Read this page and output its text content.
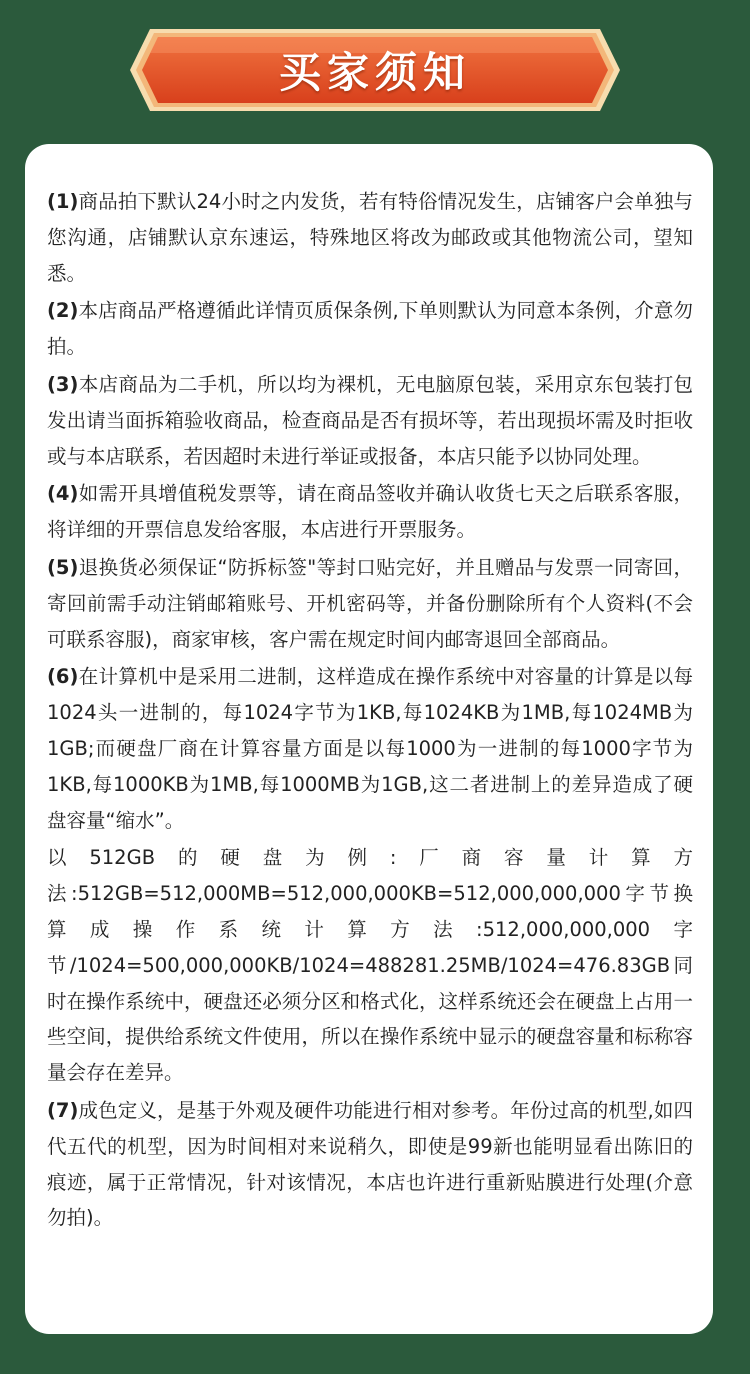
买家须知

(1)商品拍下默认24小时之内发货，若有特俗情况发生，店铺客户会单独与您沟通，店铺默认京东速运，特殊地区将改为邮政或其他物流公司，望知悉。

(2)本店商品严格遵循此详情页质保条例,下单则默认为同意本条例，介意勿拍。

(3)本店商品为二手机，所以均为裸机，无电脑原包装，采用京东包装打包发出请当面拆箱验收商品，检查商品是否有损坏等，若出现损坏需及时拒收或与本店联系，若因超时未进行举证或报备，本店只能予以协同处理。

(4)如需开具增值税发票等，请在商品签收并确认收货七天之后联系客服，将详细的开票信息发给客服，本店进行开票服务。

(5)退换货必须保证“防拆标签"等封口贴完好，并且赠品与发票一同寄回，寄回前需手动注销邮箱账号、开机密码等，并备份删除所有个人资料(不会可联系容服)，商家审核，客户需在规定时间内邮寄退回全部商品。

(6)在计算机中是采用二进制，这样造成在操作系统中对容量的计算是以每1024头一进制的，每1024字节为1KB,每1024KB为1MB,每1024MB为1GB;而硬盘厂商在计算容量方面是以每1000为一进制的每1000字节为1KB,每1000KB为1MB,每1000MB为1GB,这二者进制上的差异造成了硬盘容量“缩水”。

以512GB的硬盘为例:厂商容量计算方法:512GB=512,000MB=512,000,000KB=512,000,000,000字节换算成操作系统计算方法:512,000,000,000字节/1024=500,000,000KB/1024=488281.25MB/1024=476.83GB同时在操作系统中，硬盘还必须分区和格式化，这样系统还会在硬盘上占用一些空间，提供给系统文件使用，所以在操作系统中显示的硬盘容量和标称容量会存在差异。

(7)成色定义，是基于外观及硬件功能进行相对参考。年份过高的机型,如四代五代的机型，因为时间相对来说稍久，即使是99新也能明显看出陈旧的痕迹，属于正常情况，针对该情况，本店也许进行重新贴膜进行处理(介意勿拍)。
